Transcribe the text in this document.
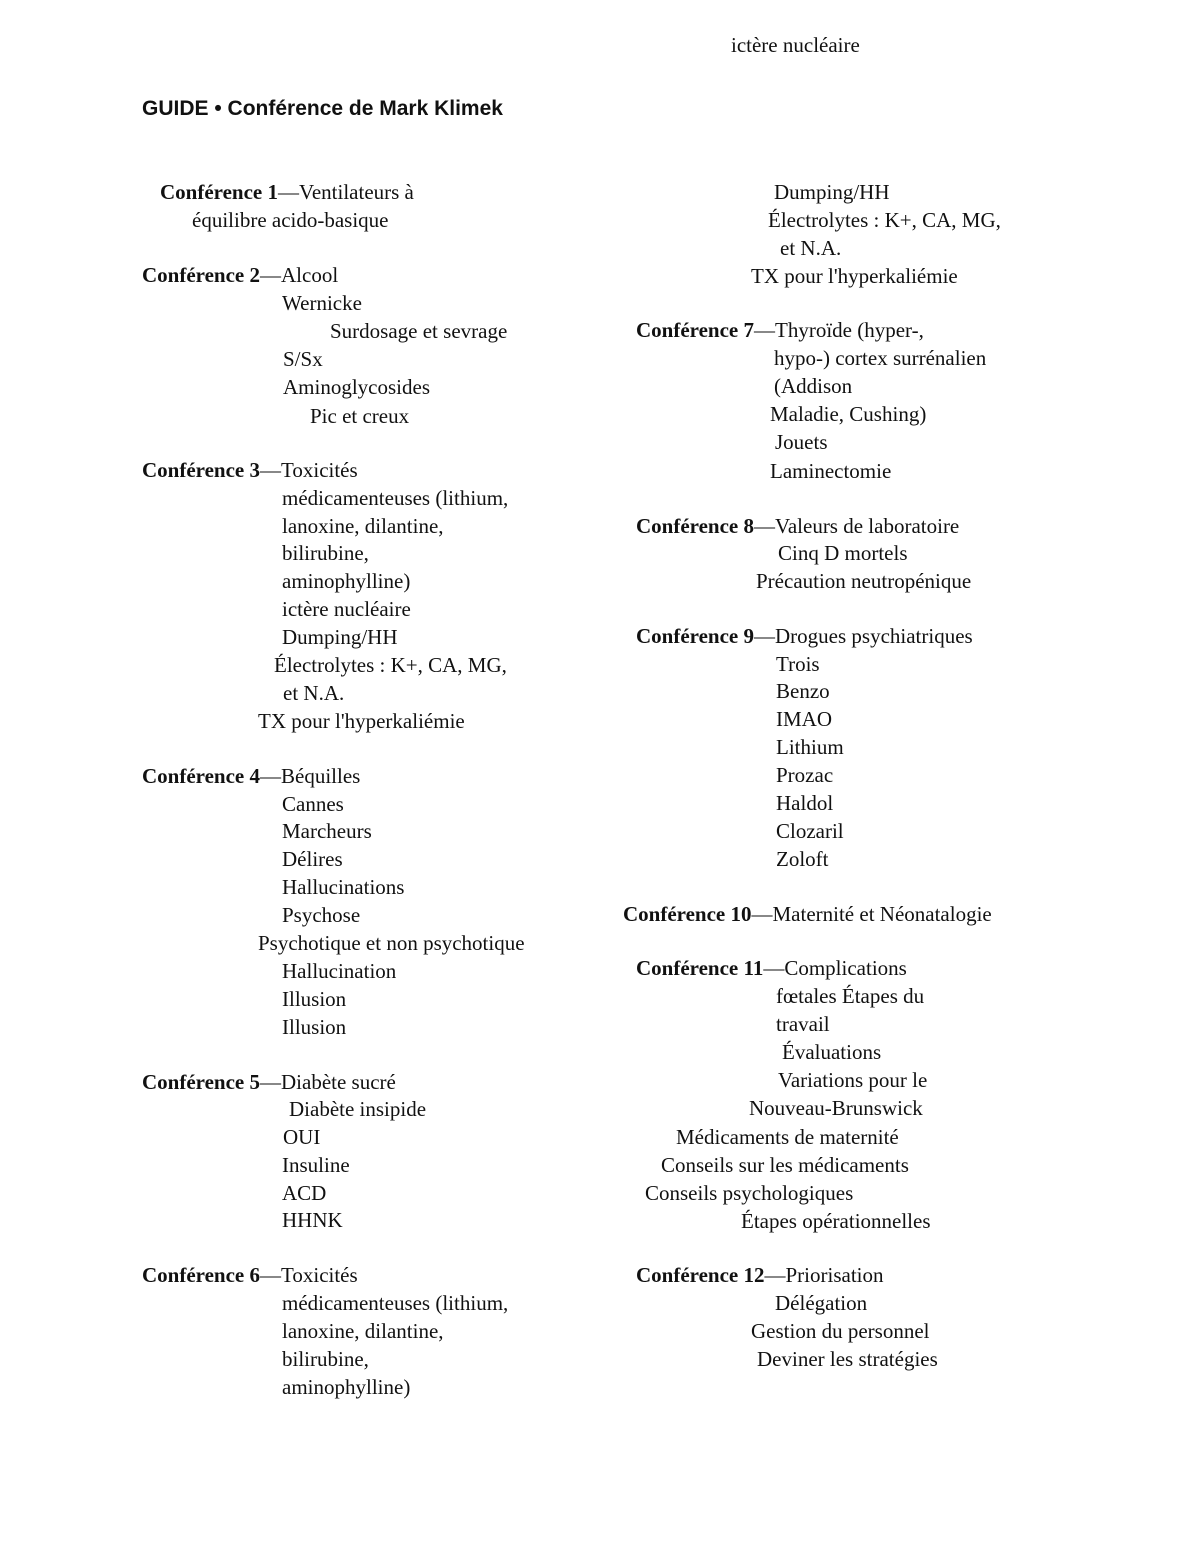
ictère nucléaire
GUIDE • Conférence de Mark Klimek
Conférence 1—Ventilateurs à
équilibre acido-basique
Conférence 2—Alcool
Wernicke
Surdosage et sevrage
S/Sx
Aminoglycosides
Pic et creux
Conférence 3—Toxicités
médicamenteuses (lithium,
lanoxine, dilantine,
bilirubine,
aminophylline)
ictère nucléaire
Dumping/HH
Électrolytes : K+, CA, MG,
et N.A.
TX pour l'hyperkaliémie
Conférence 4—Béquilles
Cannes
Marcheurs
Délires
Hallucinations
Psychose
Psychotique et non psychotique
Hallucination
Illusion
Illusion
Conférence 5—Diabète sucré
Diabète insipide
OUI
Insuline
ACD
HHNK
Conférence 6—Toxicités
médicamenteuses (lithium,
lanoxine, dilantine,
bilirubine,
aminophylline)
Dumping/HH
Électrolytes : K+, CA, MG,
et N.A.
TX pour l'hyperkaliémie
Conférence 7—Thyroïde (hyper-,
hypo-) cortex surrénalien
(Addison
Maladie, Cushing)
Jouets
Laminectomie
Conférence 8—Valeurs de laboratoire
Cinq D mortels
Précaution neutropénique
Conférence 9—Drogues psychiatriques
Trois
Benzo
IMAO
Lithium
Prozac
Haldol
Clozaril
Zoloft
Conférence 10—Maternité et Néonatalogie
Conférence 11—Complications
fœtales Étapes du
travail
Évaluations
Variations pour le
Nouveau-Brunswick
Médicaments de maternité
Conseils sur les médicaments
Conseils psychologiques
Étapes opérationnelles
Conférence 12—Priorisation
Délégation
Gestion du personnel
Deviner les stratégies
